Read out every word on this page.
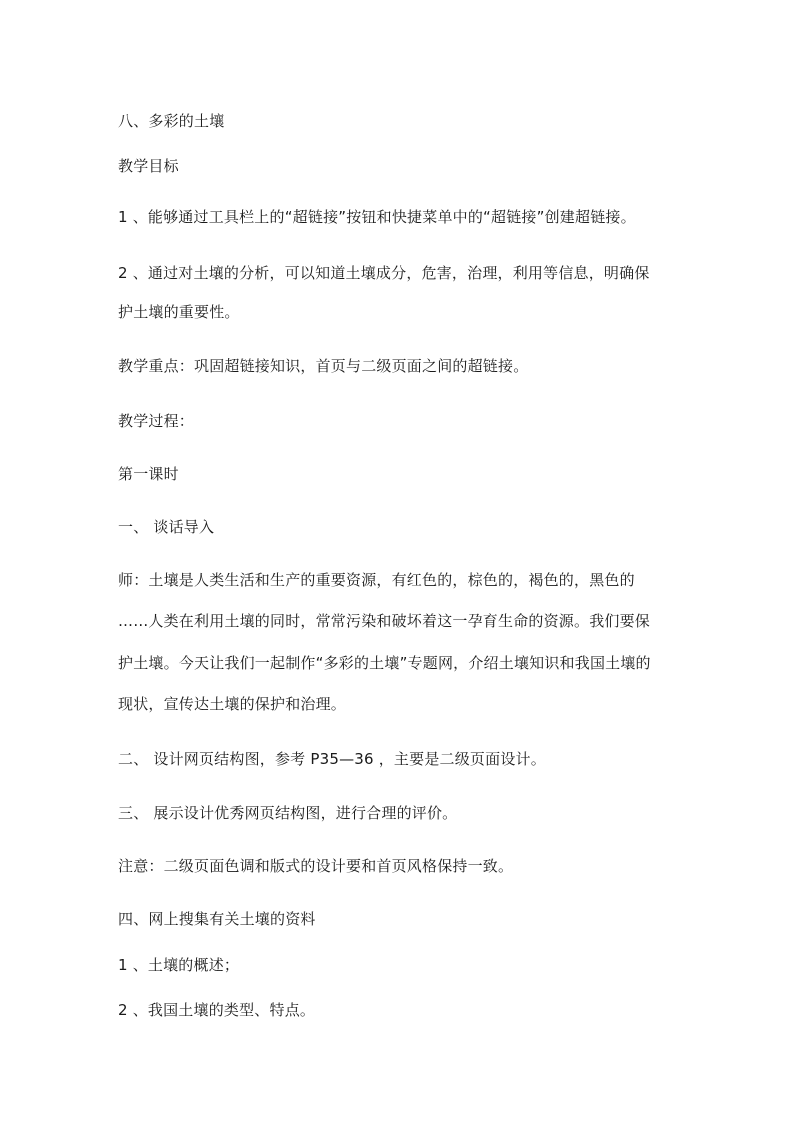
八、多彩的土壤
教学目标
1 、能够通过工具栏上的“超链接”按钮和快捷菜单中的“超链接”创建超链接。
2 、通过对土壤的分析，可以知道土壤成分，危害，治理，利用等信息，明确保
护土壤的重要性。
教学重点：巩固超链接知识，首页与二级页面之间的超链接。
教学过程：
第一课时
一、 谈话导入
师：土壤是人类生活和生产的重要资源，有红色的，棕色的，褐色的，黑色的
……人类在利用土壤的同时，常常污染和破坏着这一孕育生命的资源。我们要保
护土壤。今天让我们一起制作“多彩的土壤”专题网，介绍土壤知识和我国土壤的
现状，宣传达土壤的保护和治理。
二、 设计网页结构图，参考 P35—36 ，主要是二级页面设计。
三、 展示设计优秀网页结构图，进行合理的评价。
注意：二级页面色调和版式的设计要和首页风格保持一致。
四、网上搜集有关土壤的资料
1 、土壤的概述；
2 、我国土壤的类型、特点。
